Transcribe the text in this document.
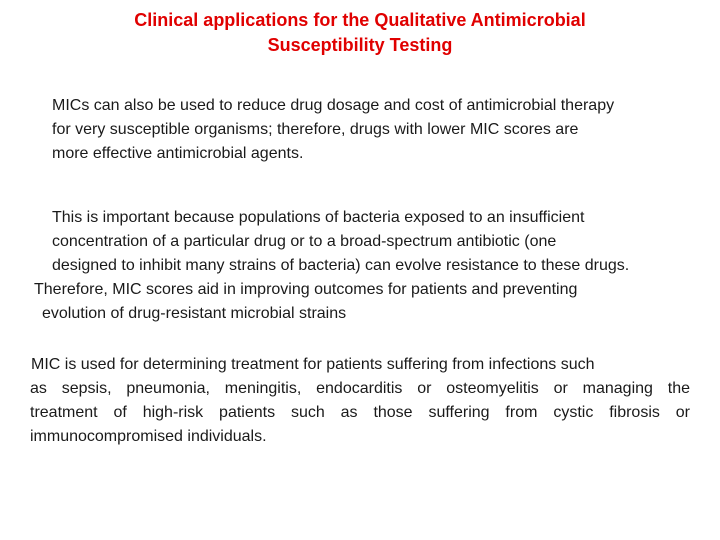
Clinical applications for the Qualitative Antimicrobial
Susceptibility Testing

MICs can also be used to reduce drug dosage and cost of antimicrobial therapy
for very susceptible organisms; therefore, drugs with lower MIC scores are
more effective antimicrobial agents.

This is important because populations of bacteria exposed to an insufficient
concentration of a particular drug or to a broad-spectrum antibiotic (one
designed to inhibit many strains of bacteria) can evolve resistance to these drugs.
Therefore, MIC scores aid in improving outcomes for patients and preventing
evolution of drug-resistant microbial strains

MIC is used for determining treatment for patients suffering from infections such
as sepsis, pneumonia, meningitis, endocarditis or osteomyelitis or managing the
treatment of high-risk patients such as those suffering from cystic fibrosis or
immunocompromised individuals.
